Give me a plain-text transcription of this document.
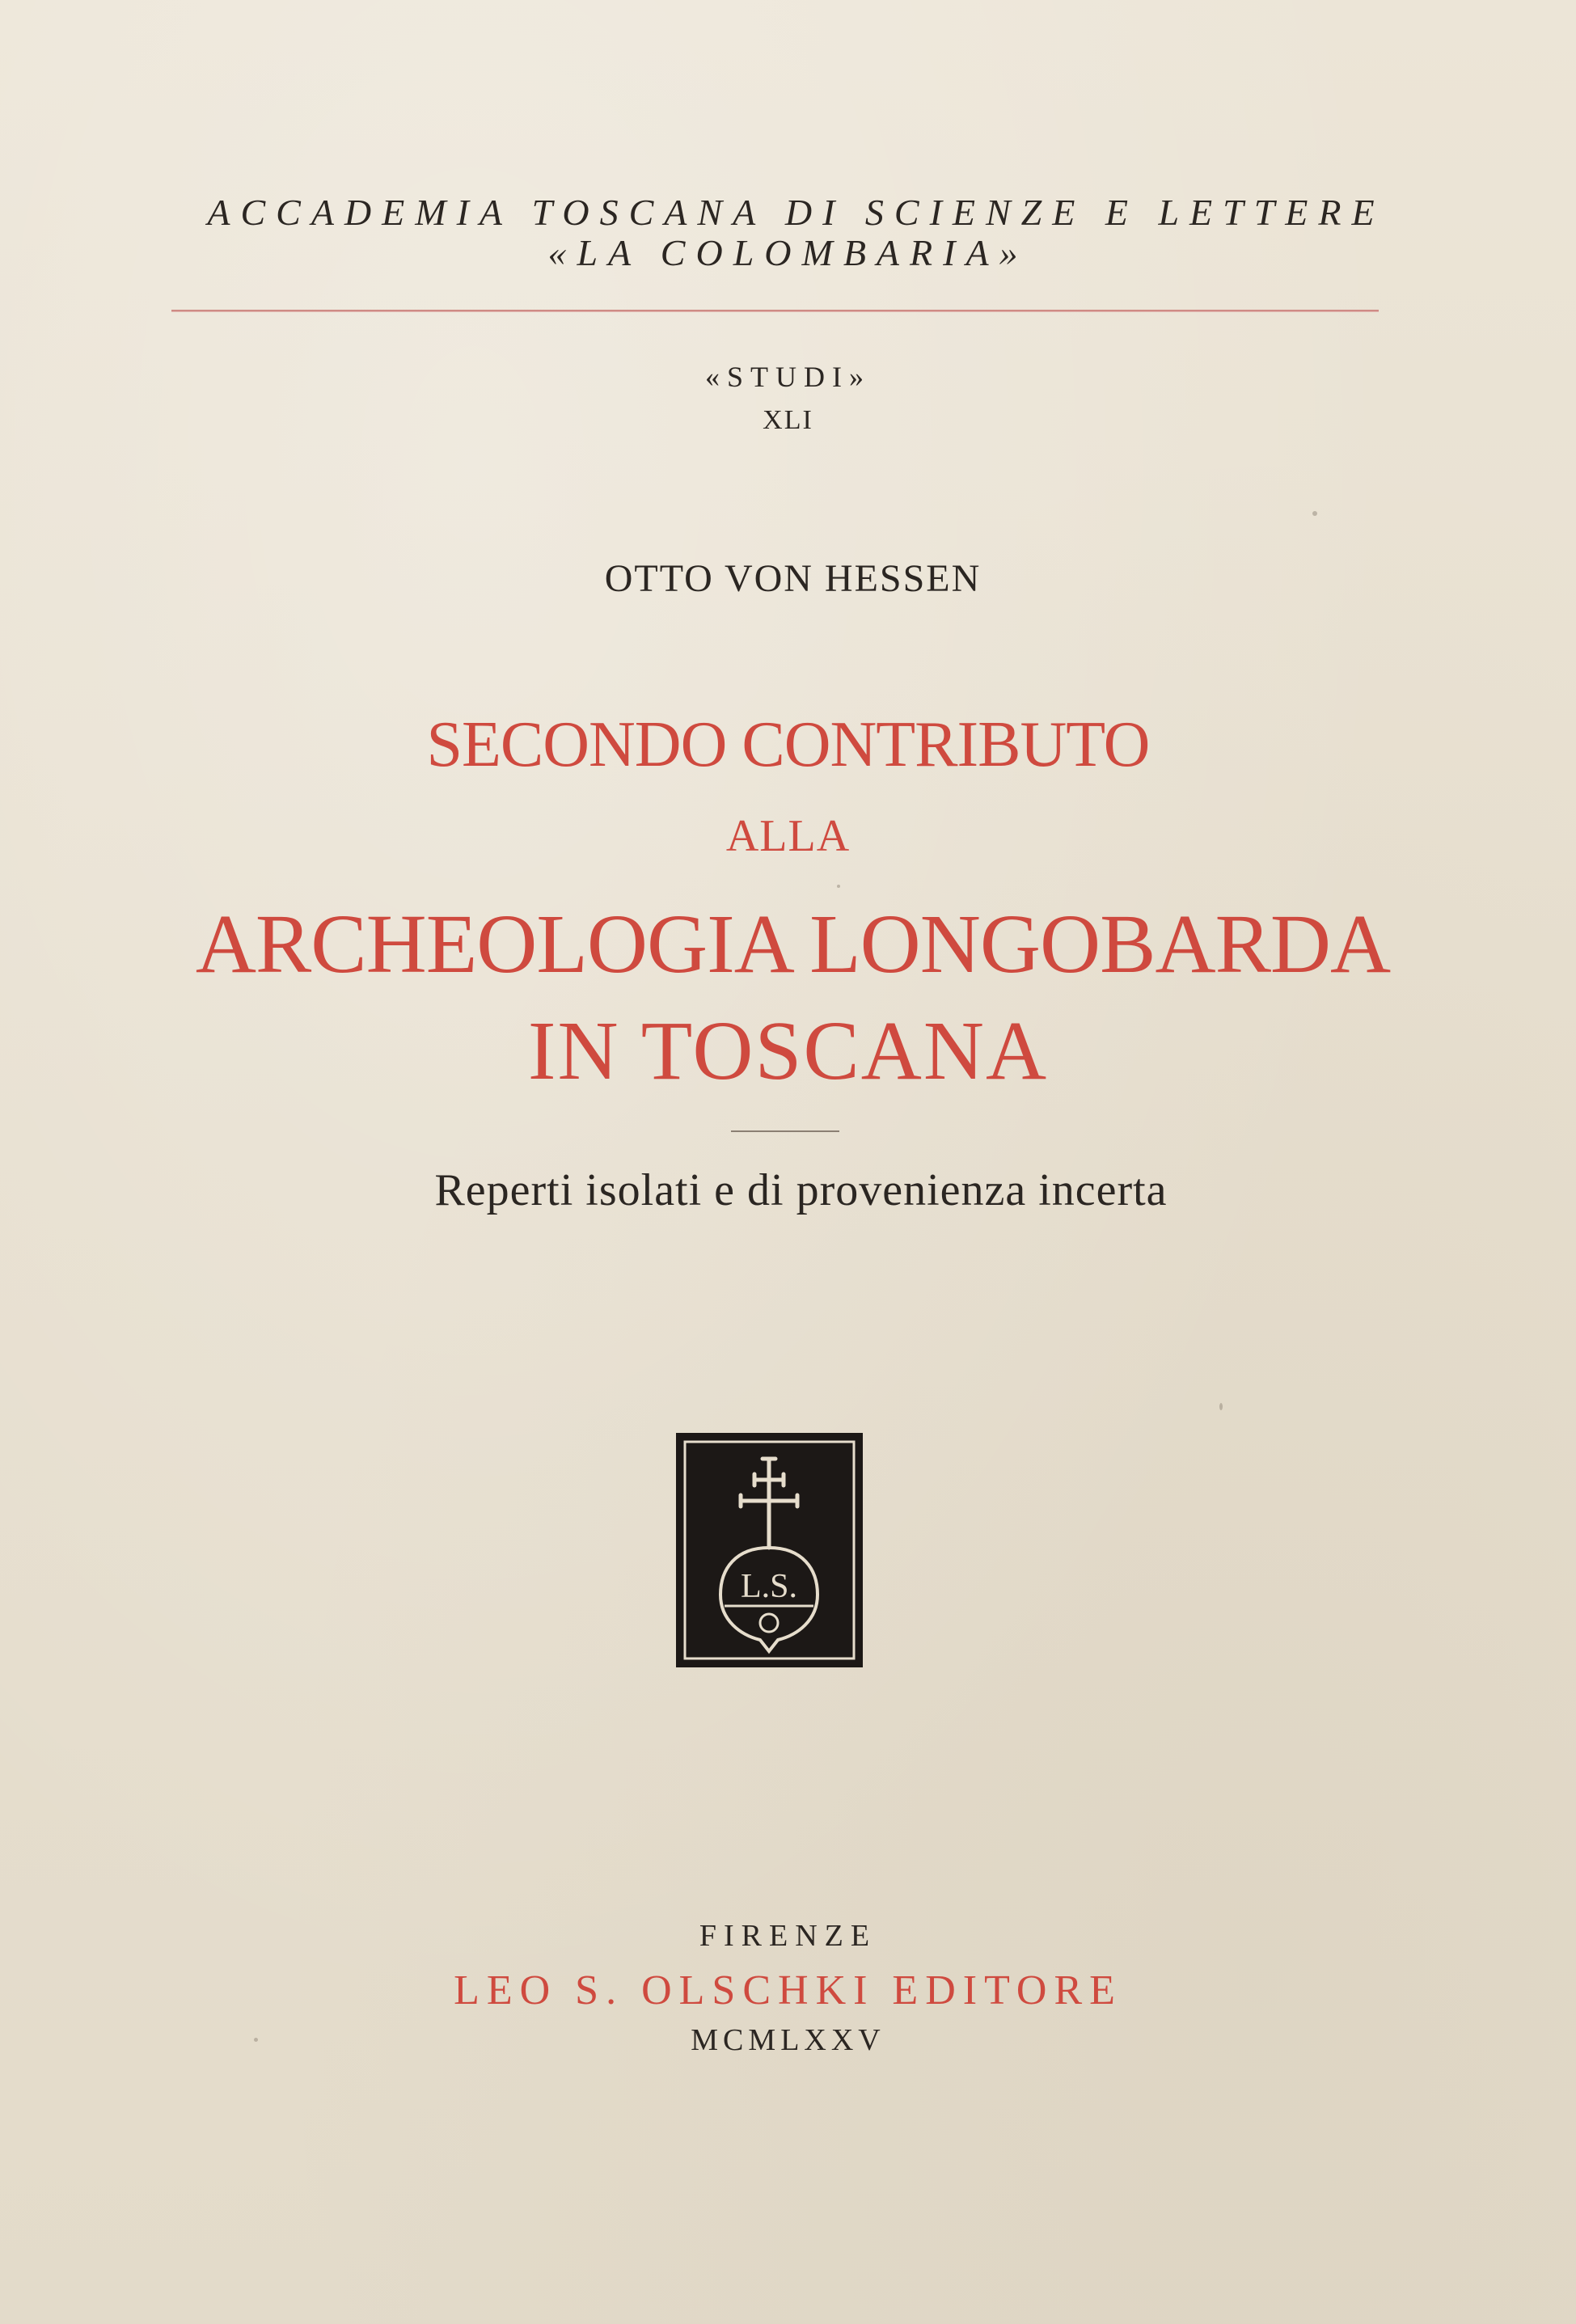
ACCADEMIA TOSCANA DI SCIENZE E LETTERE

«LA COLOMBARIA»

«STUDI»

XLI

OTTO VON HESSEN

SECONDO CONTRIBUTO

ALLA

ARCHEOLOGIA LONGOBARDA

IN TOSCANA

Reperti isolati e di provenienza incerta

L.S.

FIRENZE

LEO S. OLSCHKI EDITORE

MCMLXXV
